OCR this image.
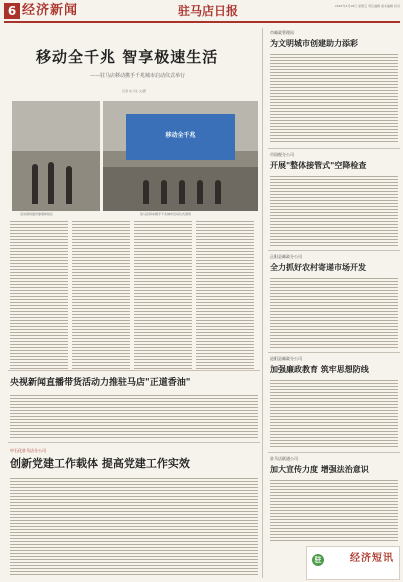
6 经济新闻	驻马店日报	2025年4月18日 星期五 责任编辑 美术编辑 校对
移动全千兆 智享极速生活
——驻马店移动携手千兆城市启动仪式举行
记者 实习生 文/图
活动现场嘉宾参观体验区
移动全千兆
驻马店移动携手千兆城市启动仪式现场
央视新闻直播带货活动力推驻马店"正道香油"
中石化驻马店分公司
创新党建工作载体 提高党建工作实效
市邮政管理局
为文明城市创建助力添彩
市国税分公司
开展"整体接管式"空降检查
正阳县邮政分公司
全力抓好农村寄递市场开发
泌阳县邮政分公司
加强廉政教育 筑牢思想防线
驻马店联通公司
加大宣传力度 增强法治意识
驻	经济短讯
